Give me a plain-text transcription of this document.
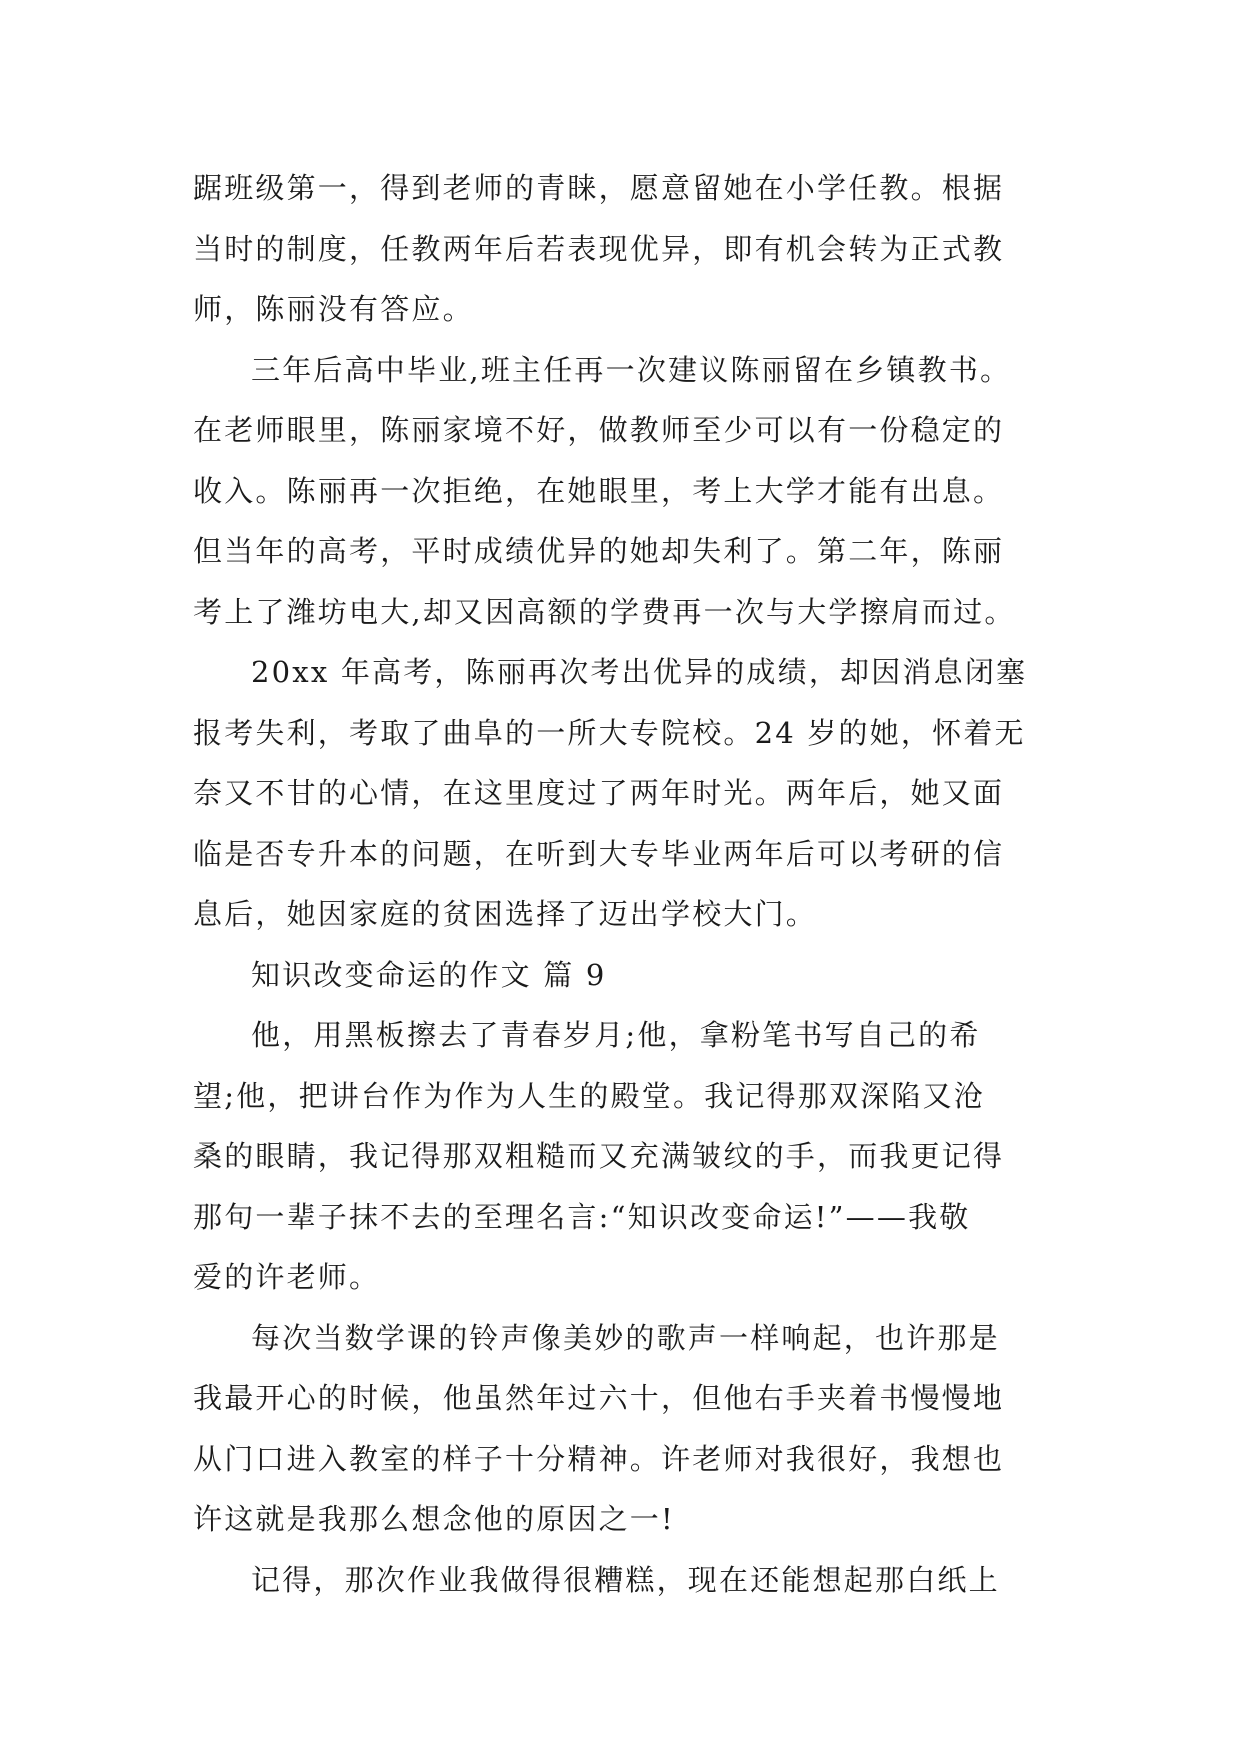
踞班级第一，得到老师的青睐，愿意留她在小学任教。根据
当时的制度，任教两年后若表现优异，即有机会转为正式教
师，陈丽没有答应。

三年后高中毕业,班主任再一次建议陈丽留在乡镇教书。
在老师眼里，陈丽家境不好，做教师至少可以有一份稳定的
收入。陈丽再一次拒绝，在她眼里，考上大学才能有出息。
但当年的高考，平时成绩优异的她却失利了。第二年，陈丽
考上了潍坊电大,却又因高额的学费再一次与大学擦肩而过。

20xx 年高考，陈丽再次考出优异的成绩，却因消息闭塞
报考失利，考取了曲阜的一所大专院校。24 岁的她，怀着无
奈又不甘的心情，在这里度过了两年时光。两年后，她又面
临是否专升本的问题，在听到大专毕业两年后可以考研的信
息后，她因家庭的贫困选择了迈出学校大门。

知识改变命运的作文 篇 9

他，用黑板擦去了青春岁月;他，拿粉笔书写自己的希
望;他，把讲台作为作为人生的殿堂。我记得那双深陷又沧
桑的眼睛，我记得那双粗糙而又充满皱纹的手，而我更记得
那句一辈子抹不去的至理名言:“知识改变命运!”——我敬
爱的许老师。

每次当数学课的铃声像美妙的歌声一样响起，也许那是
我最开心的时候，他虽然年过六十，但他右手夹着书慢慢地
从门口进入教室的样子十分精神。许老师对我很好，我想也
许这就是我那么想念他的原因之一!

记得，那次作业我做得很糟糕，现在还能想起那白纸上
